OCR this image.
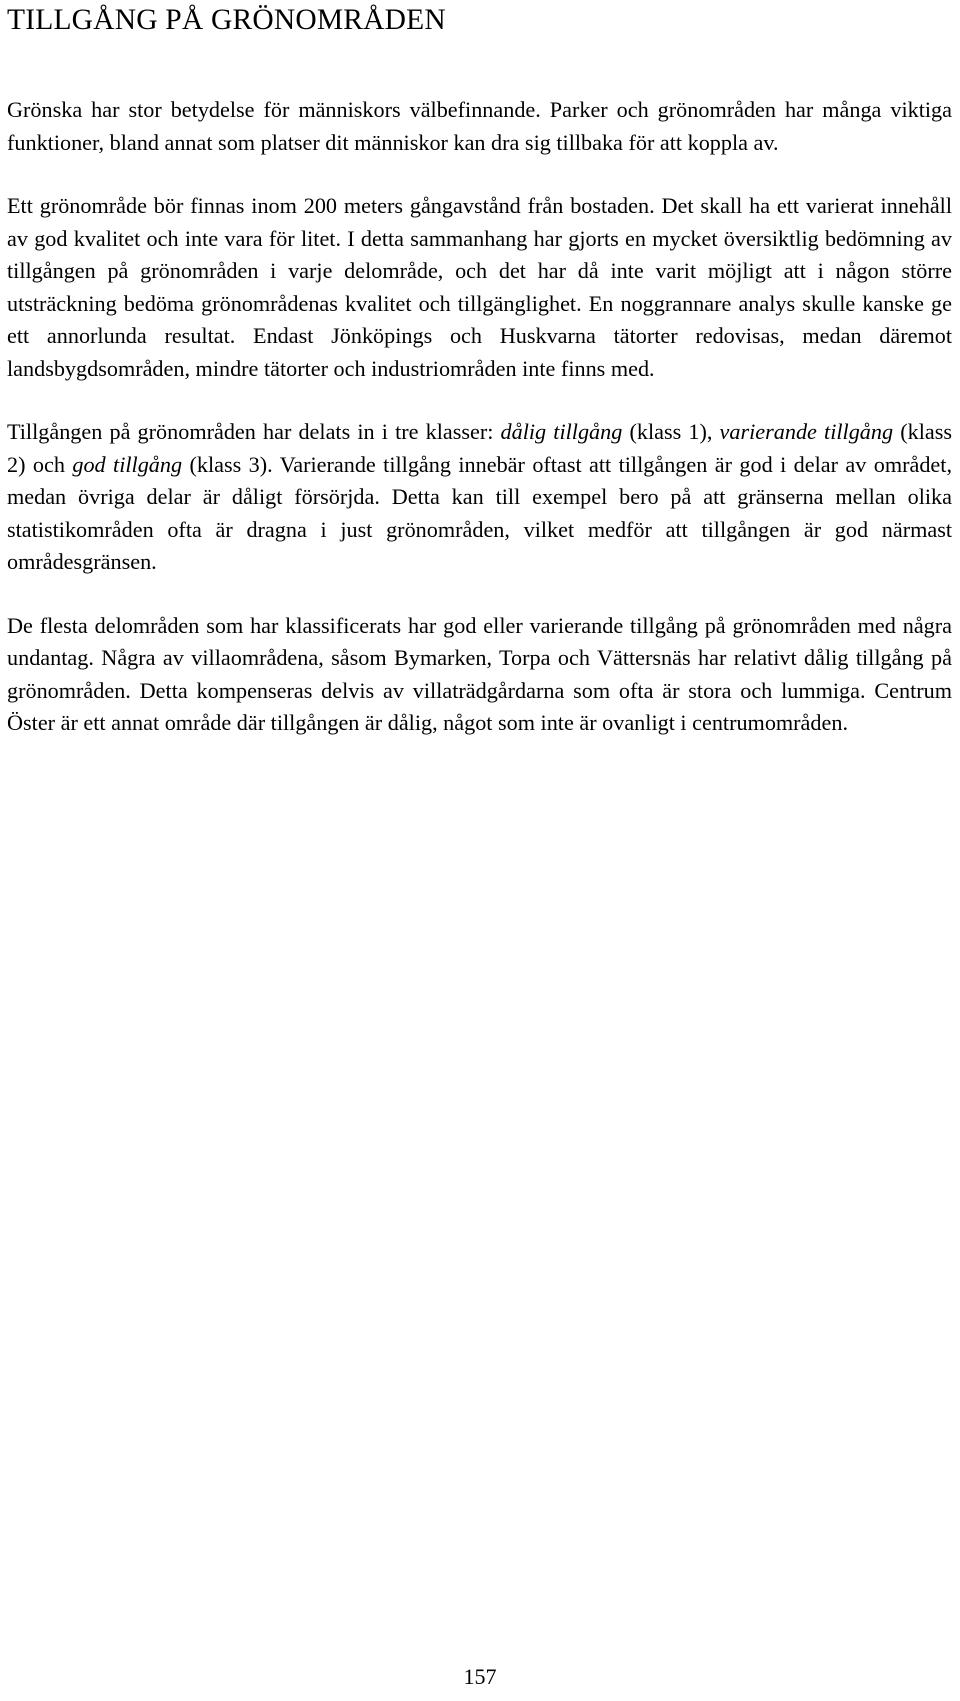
TILLGÅNG PÅ GRÖNOMRÅDEN

Grönska har stor betydelse för människors välbefinnande. Parker och grönområden har många viktiga funktioner, bland annat som platser dit människor kan dra sig tillbaka för att koppla av.

Ett grönområde bör finnas inom 200 meters gångavstånd från bostaden. Det skall ha ett varierat innehåll av god kvalitet och inte vara för litet. I detta sammanhang har gjorts en mycket översiktlig bedömning av tillgången på grönområden i varje delområde, och det har då inte varit möjligt att i någon större utsträckning bedöma grönområdenas kvalitet och tillgänglighet. En noggrannare analys skulle kanske ge ett annorlunda resultat. Endast Jönköpings och Huskvarna tätorter redovisas, medan däremot landsbygdsområden, mindre tätorter och industriområden inte finns med.

Tillgången på grönområden har delats in i tre klasser: dålig tillgång (klass 1), varierande tillgång (klass 2) och god tillgång (klass 3). Varierande tillgång innebär oftast att tillgången är god i delar av området, medan övriga delar är dåligt försörjda. Detta kan till exempel bero på att gränserna mellan olika statistikområden ofta är dragna i just grönområden, vilket medför att tillgången är god närmast områdesgränsen.

De flesta delområden som har klassificerats har god eller varierande tillgång på grönområden med några undantag. Några av villaområdena, såsom Bymarken, Torpa och Vättersnäs har relativt dålig tillgång på grönområden. Detta kompenseras delvis av villaträdgårdarna som ofta är stora och lummiga. Centrum Öster är ett annat område där tillgången är dålig, något som inte är ovanligt i centrumområden.

157
